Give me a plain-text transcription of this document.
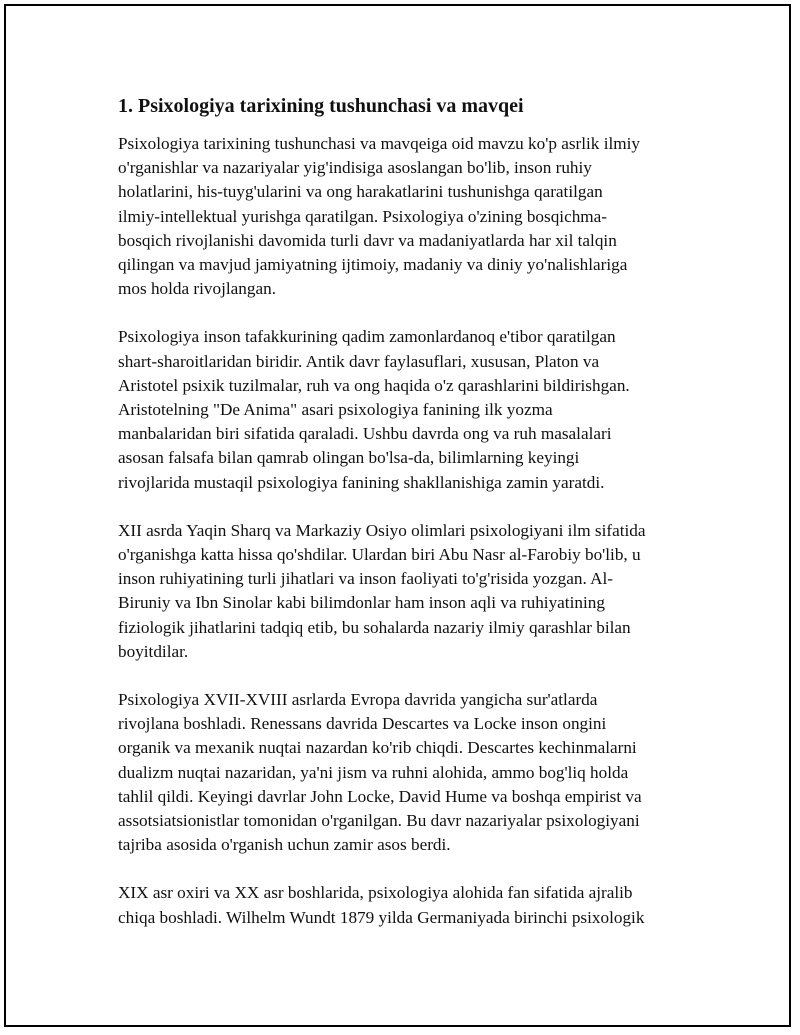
1. Psixologiya tarixining tushunchasi va mavqei
Psixologiya tarixining tushunchasi va mavqeiga oid mavzu ko'p asrlik ilmiy
o'rganishlar va nazariyalar yig'indisiga asoslangan bo'lib, inson ruhiy
holatlarini, his-tuyg'ularini va ong harakatlarini tushunishga qaratilgan
ilmiy-intellektual yurishga qaratilgan. Psixologiya o'zining bosqichma-
bosqich rivojlanishi davomida turli davr va madaniyatlarda har xil talqin
qilingan va mavjud jamiyatning ijtimoiy, madaniy va diniy yo'nalishlariga
mos holda rivojlangan.
Psixologiya inson tafakkurining qadim zamonlardanoq e'tibor qaratilgan
shart-sharoitlaridan biridir. Antik davr faylasuflari, xususan, Platon va
Aristotel psixik tuzilmalar, ruh va ong haqida o'z qarashlarini bildirishgan.
Aristotelning "De Anima" asari psixologiya fanining ilk yozma
manbalaridan biri sifatida qaraladi. Ushbu davrda ong va ruh masalalari
asosan falsafa bilan qamrab olingan bo'lsa-da, bilimlarning keyingi
rivojlarida mustaqil psixologiya fanining shakllanishiga zamin yaratdi.
XII asrda Yaqin Sharq va Markaziy Osiyo olimlari psixologiyani ilm sifatida
o'rganishga katta hissa qo'shdilar. Ulardan biri Abu Nasr al-Farobiy bo'lib, u
inson ruhiyatining turli jihatlari va inson faoliyati to'g'risida yozgan. Al-
Biruniy va Ibn Sinolar kabi bilimdonlar ham inson aqli va ruhiyatining
fiziologik jihatlarini tadqiq etib, bu sohalarda nazariy ilmiy qarashlar bilan
boyitdilar.
Psixologiya XVII-XVIII asrlarda Evropa davrida yangicha sur'atlarda
rivojlana boshladi. Renessans davrida Descartes va Locke inson ongini
organik va mexanik nuqtai nazardan ko'rib chiqdi. Descartes kechinmalarni
dualizm nuqtai nazaridan, ya'ni jism va ruhni alohida, ammo bog'liq holda
tahlil qildi. Keyingi davrlar John Locke, David Hume va boshqa empirist va
assotsiatsionistlar tomonidan o'rganilgan. Bu davr nazariyalar psixologiyani
tajriba asosida o'rganish uchun zamir asos berdi.
XIX asr oxiri va XX asr boshlarida, psixologiya alohida fan sifatida ajralib
chiqa boshladi. Wilhelm Wundt 1879 yilda Germaniyada birinchi psixologik
